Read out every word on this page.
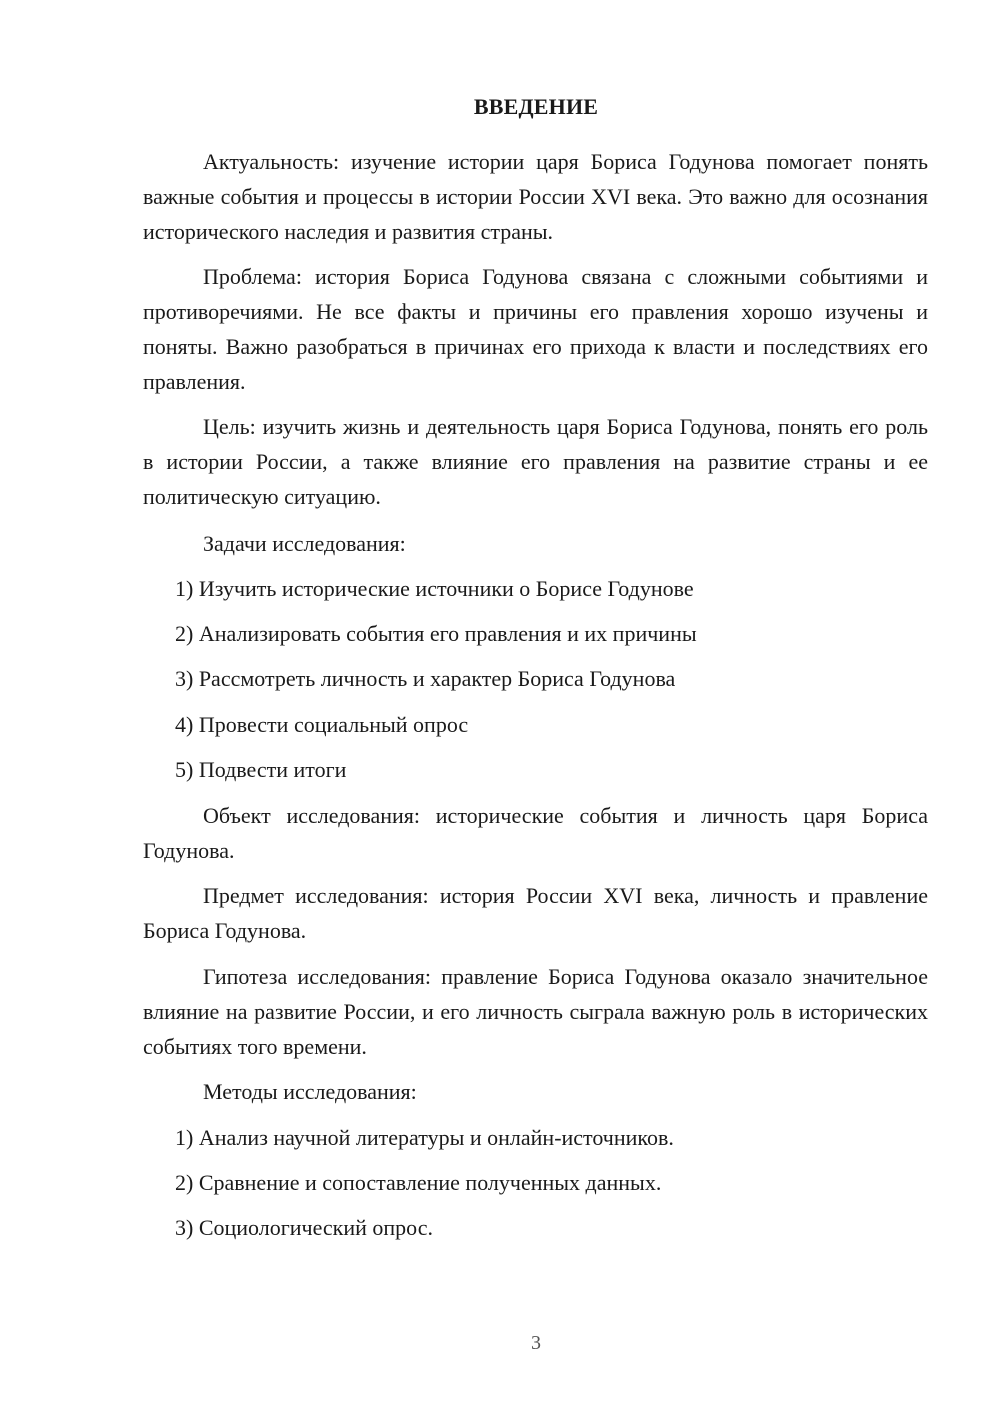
ВВЕДЕНИЕ

Актуальность: изучение истории царя Бориса Годунова помогает понять важные события и процессы в истории России XVI века. Это важно для осознания исторического наследия и развития страны.

Проблема: история Бориса Годунова связана с сложными событиями и противоречиями. Не все факты и причины его правления хорошо изучены и поняты. Важно разобраться в причинах его прихода к власти и последствиях его правления.

Цель: изучить жизнь и деятельность царя Бориса Годунова, понять его роль в истории России, а также влияние его правления на развитие страны и ее политическую ситуацию.

Задачи исследования:
1) Изучить исторические источники о Борисе Годунове
2) Анализировать события его правления и их причины
3) Рассмотреть личность и характер Бориса Годунова
4) Провести социальный опрос
5) Подвести итоги

Объект исследования: исторические события и личность царя Бориса Годунова.

Предмет исследования: история России XVI века, личность и правление Бориса Годунова.

Гипотеза исследования: правление Бориса Годунова оказало значительное влияние на развитие России, и его личность сыграла важную роль в исторических событиях того времени.

Методы исследования:
1) Анализ научной литературы и онлайн-источников.
2) Сравнение и сопоставление полученных данных.
3) Социологический опрос.
3
